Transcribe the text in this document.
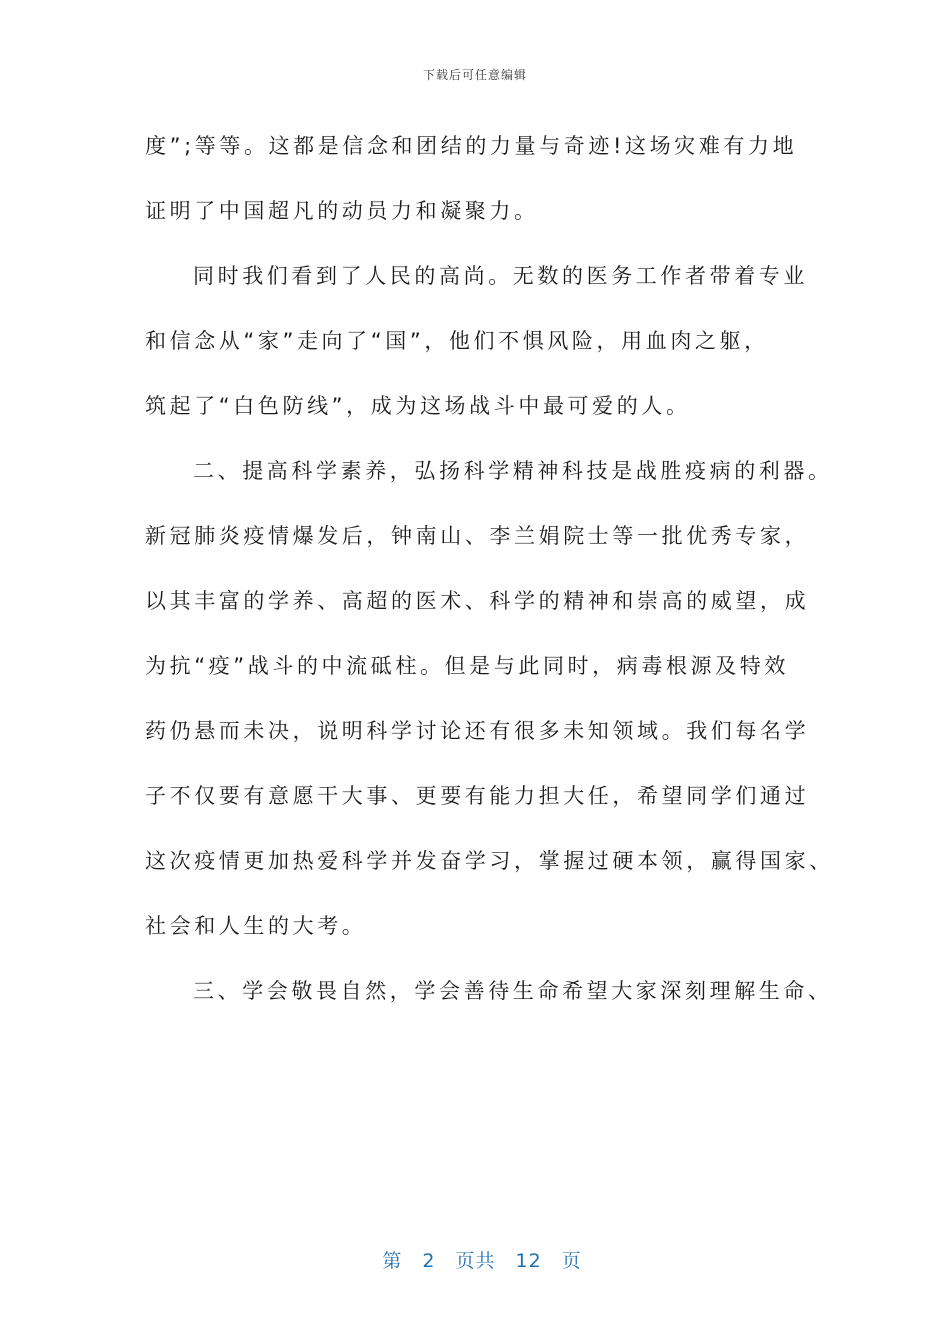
下载后可任意编辑
度”;等等。这都是信念和团结的力量与奇迹!这场灾难有力地
证明了中国超凡的动员力和凝聚力。
同时我们看到了人民的高尚。无数的医务工作者带着专业
和信念从“家”走向了“国”，他们不惧风险，用血肉之躯，
筑起了“白色防线”，成为这场战斗中最可爱的人。
二、提高科学素养，弘扬科学精神科技是战胜疫病的利器。
新冠肺炎疫情爆发后，钟南山、李兰娟院士等一批优秀专家，
以其丰富的学养、高超的医术、科学的精神和崇高的威望，成
为抗“疫”战斗的中流砥柱。但是与此同时，病毒根源及特效
药仍悬而未决，说明科学讨论还有很多未知领域。我们每名学
子不仅要有意愿干大事、更要有能力担大任，希望同学们通过
这次疫情更加热爱科学并发奋学习，掌握过硬本领，赢得国家、
社会和人生的大考。
三、学会敬畏自然，学会善待生命希望大家深刻理解生命、

第 2 页共 12 页
